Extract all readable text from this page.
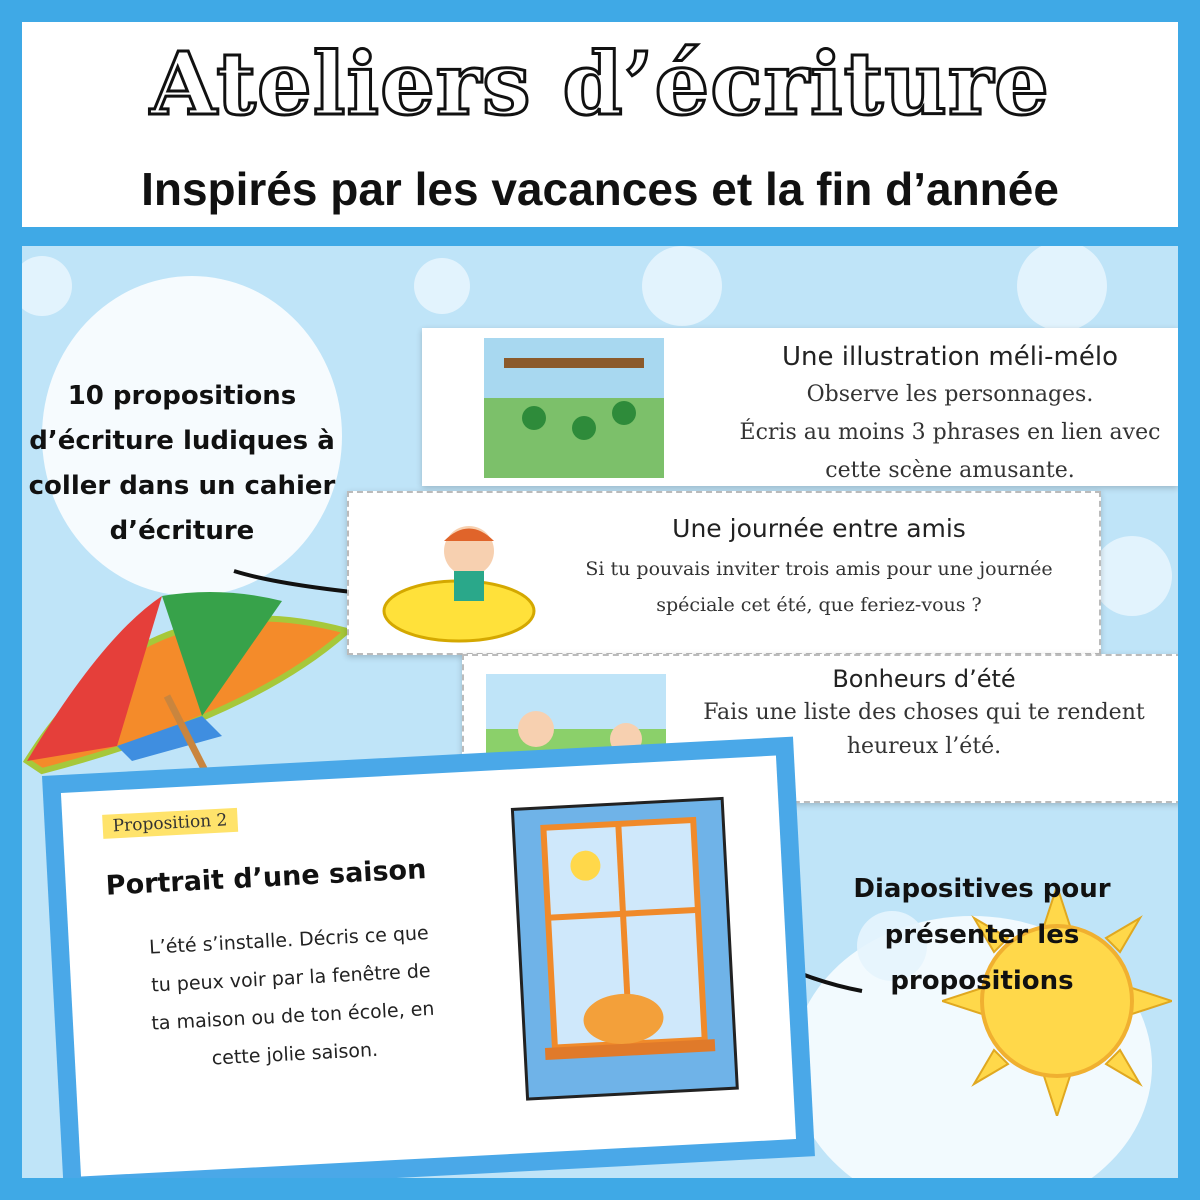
Ateliers d’écriture
Inspirés par les vacances et la fin d’année
10 propositions
d’écriture ludiques à
coller dans un cahier
d’écriture
Diapositives pour
présenter les
propositions
Une illustration méli-mélo
Observe les personnages.
Écris au moins 3 phrases en lien avec
cette scène amusante.
Une journée entre amis
Si tu pouvais inviter trois amis pour une journée
spéciale cet été, que feriez-vous ?
Bonheurs d’été
Fais une liste des choses qui te rendent
heureux l’été.
Proposition 2
Portrait d’une saison
L’été s’installe. Décris ce que
tu peux voir par la fenêtre de
ta maison ou de ton école, en
cette jolie saison.
